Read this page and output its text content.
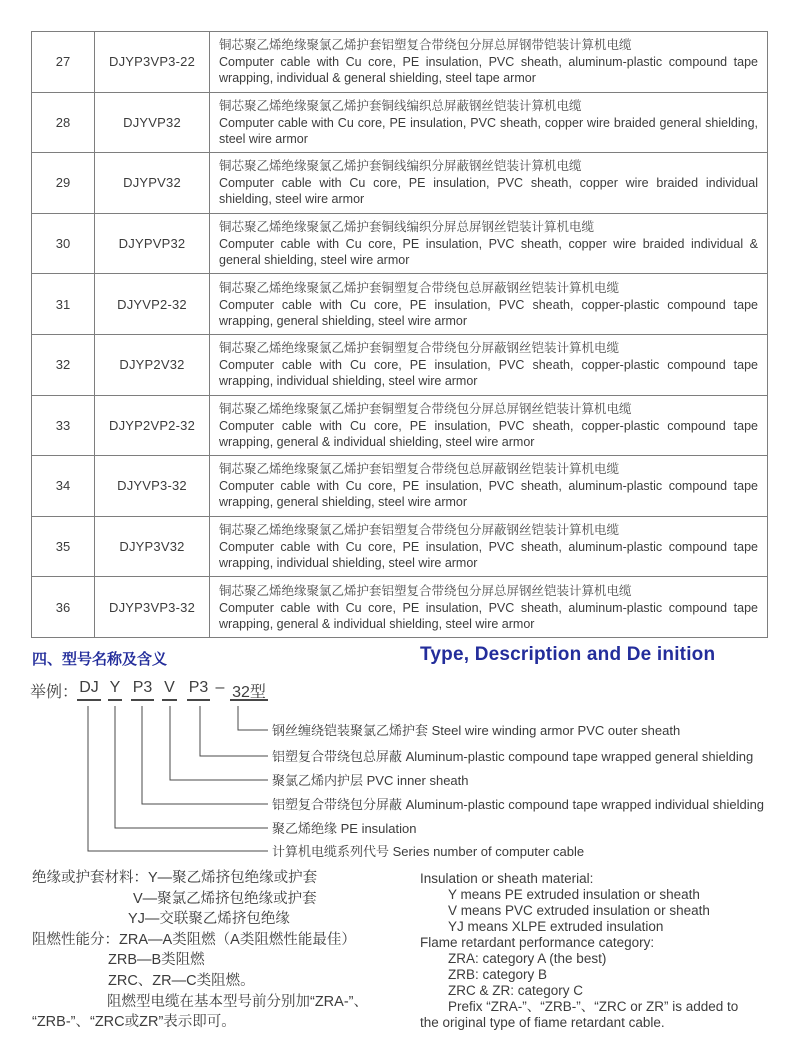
27	DJYP3VP3-22	铜芯聚乙烯绝缘聚氯乙烯护套铝塑复合带绕包分屏总屏钢带铠装计算机电缆
Computer cable with Cu core, PE insulation, PVC sheath, aluminum-plastic compound tape wrapping, individual & general shielding, steel tape armor

28	DJYVP32	铜芯聚乙烯绝缘聚氯乙烯护套铜线编织总屏蔽钢丝铠装计算机电缆
Computer cable with Cu core, PE insulation, PVC sheath, copper wire braided general shielding, steel wire armor

29	DJYPV32	铜芯聚乙烯绝缘聚氯乙烯护套铜线编织分屏蔽钢丝铠装计算机电缆
Computer cable with Cu core, PE insulation, PVC sheath, copper wire braided individual shielding, steel wire armor

30	DJYPVP32	铜芯聚乙烯绝缘聚氯乙烯护套铜线编织分屏总屏钢丝铠装计算机电缆
Computer cable with Cu core, PE insulation, PVC sheath, copper wire braided individual & general shielding, steel wire armor

31	DJYVP2-32	铜芯聚乙烯绝缘聚氯乙烯护套铜塑复合带绕包总屏蔽钢丝铠装计算机电缆
Computer cable with Cu core, PE insulation, PVC sheath, copper-plastic compound tape wrapping, general shielding, steel wire armor

32	DJYP2V32	铜芯聚乙烯绝缘聚氯乙烯护套铜塑复合带绕包分屏蔽钢丝铠装计算机电缆
Computer cable with Cu core, PE insulation, PVC sheath, copper-plastic compound tape wrapping, individual shielding, steel wire armor

33	DJYP2VP2-32	铜芯聚乙烯绝缘聚氯乙烯护套铜塑复合带绕包分屏总屏钢丝铠装计算机电缆
Computer cable with Cu core, PE insulation, PVC sheath, copper-plastic compound tape wrapping, general & individual shielding, steel wire armor

34	DJYVP3-32	铜芯聚乙烯绝缘聚氯乙烯护套铝塑复合带绕包总屏蔽钢丝铠装计算机电缆
Computer cable with Cu core, PE insulation, PVC sheath, aluminum-plastic compound tape wrapping, general shielding, steel wire armor

35	DJYP3V32	铜芯聚乙烯绝缘聚氯乙烯护套铝塑复合带绕包分屏蔽钢丝铠装计算机电缆
Computer cable with Cu core, PE insulation, PVC sheath, aluminum-plastic compound tape wrapping, individual shielding, steel wire armor

36	DJYP3VP3-32	铜芯聚乙烯绝缘聚氯乙烯护套铝塑复合带绕包分屏总屏钢丝铠装计算机电缆
Computer cable with Cu core, PE insulation, PVC sheath, aluminum-plastic compound tape wrapping, general & individual shielding, steel wire armor
四、型号名称及含义	Type, Description and De inition
举例： DJ Y P3 V P3 – 32型
钢丝缠绕铠装聚氯乙烯护套 Steel wire winding armor PVC outer sheath
铝塑复合带绕包总屏蔽 Aluminum-plastic compound tape wrapped general shielding
聚氯乙烯内护层 PVC inner sheath
铝塑复合带绕包分屏蔽 Aluminum-plastic compound tape wrapped individual shielding
聚乙烯绝缘 PE insulation
计算机电缆系列代号 Series number of computer cable
绝缘或护套材料：Y—聚乙烯挤包绝缘或护套
V—聚氯乙烯挤包绝缘或护套
YJ—交联聚乙烯挤包绝缘
阻燃性能分：ZRA—A类阻燃（A类阻燃性能最佳）
ZRB—B类阻燃
ZRC、ZR—C类阻燃。
阻燃型电缆在基本型号前分别加“ZRA-”、
“ZRB-”、“ZRC或ZR”表示即可。
Insulation or sheath material:
Y means PE extruded insulation or sheath
V means PVC extruded insulation or sheath
YJ means XLPE extruded insulation
Flame retardant performance category:
ZRA: category A (the best)
ZRB: category B
ZRC & ZR: category C
Prefix “ZRA-”、“ZRB-”、“ZRC or ZR” is added to
the original type of fiame retardant cable.
